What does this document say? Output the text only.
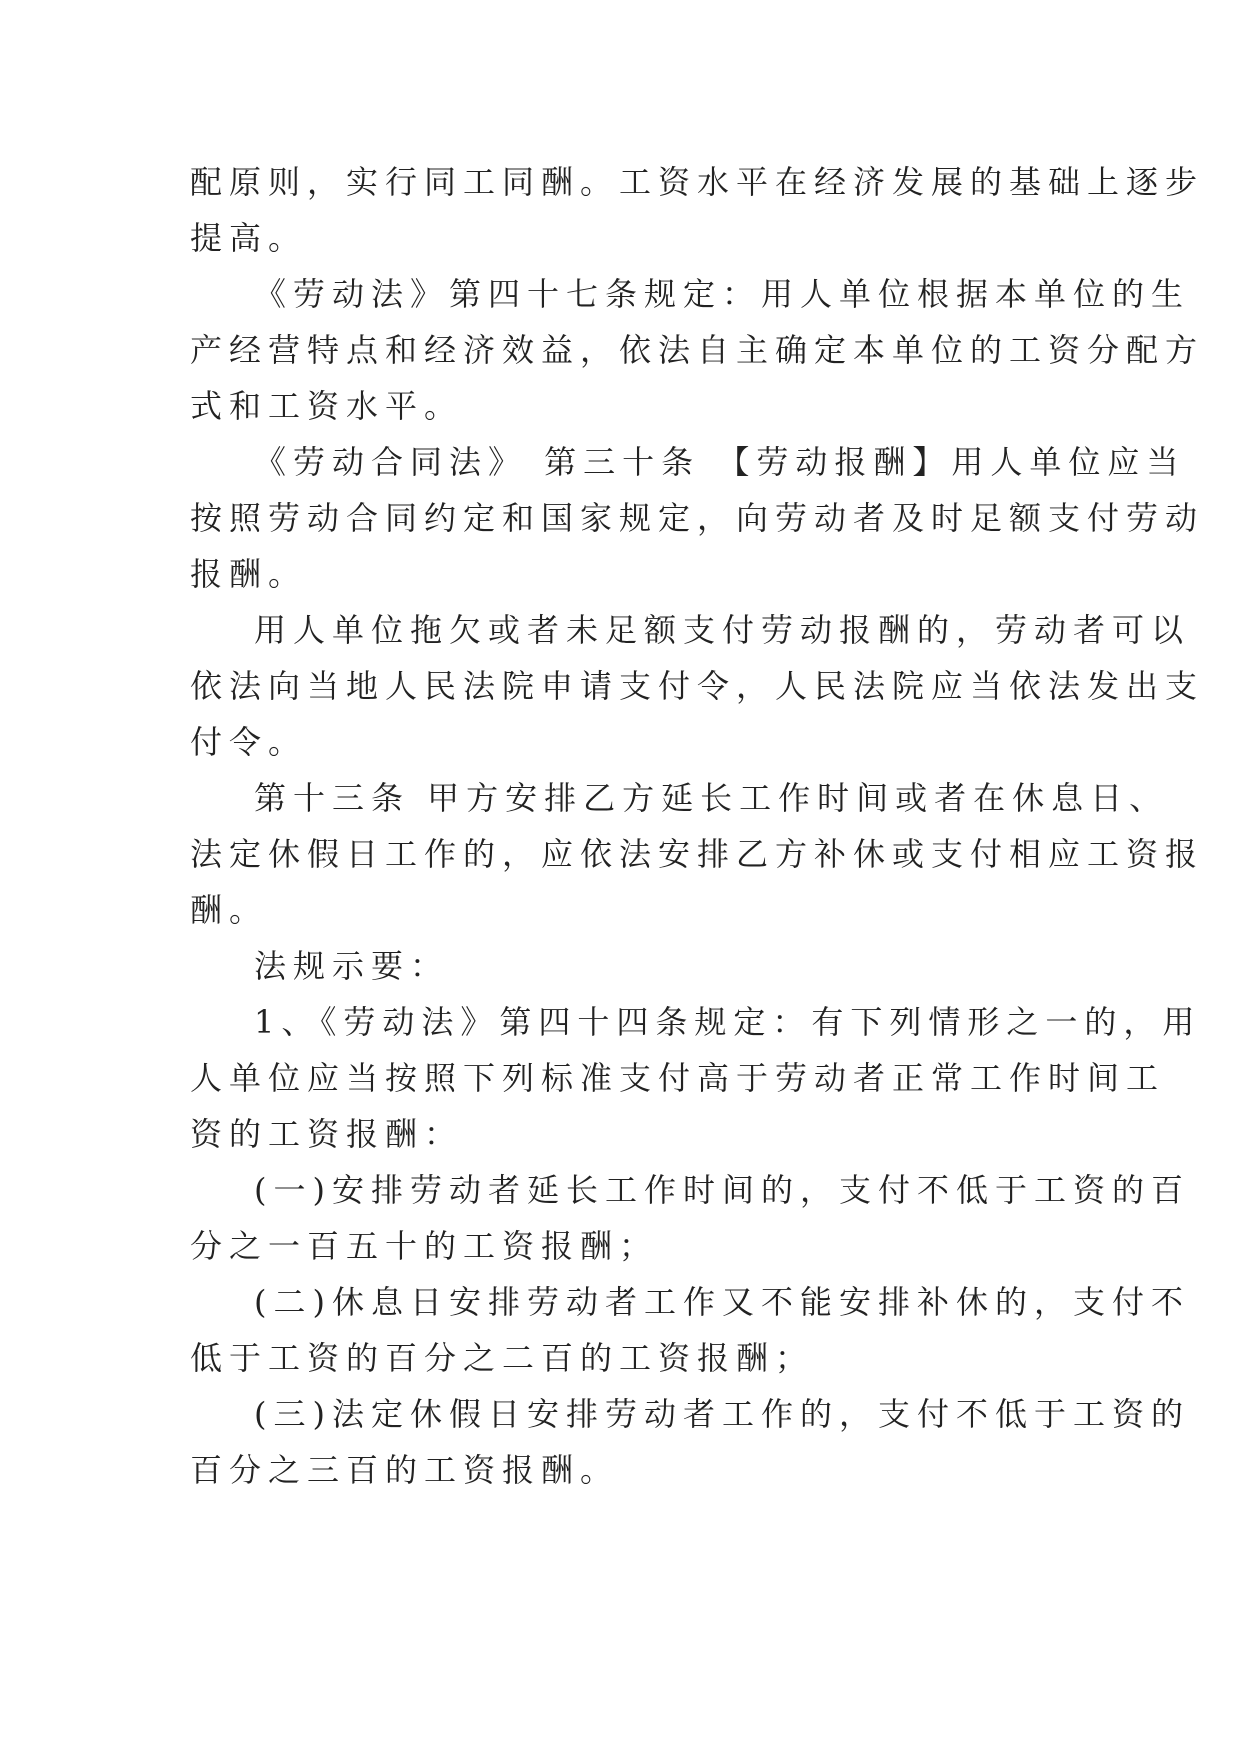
配原则，实行同工同酬。工资水平在经济发展的基础上逐步
提高。

《劳动法》第四十七条规定：用人单位根据本单位的生
产经营特点和经济效益，依法自主确定本单位的工资分配方
式和工资水平。

《劳动合同法》 第三十条 【劳动报酬】用人单位应当
按照劳动合同约定和国家规定，向劳动者及时足额支付劳动
报酬。

用人单位拖欠或者未足额支付劳动报酬的，劳动者可以
依法向当地人民法院申请支付令，人民法院应当依法发出支
付令。

第十三条 甲方安排乙方延长工作时间或者在休息日、
法定休假日工作的，应依法安排乙方补休或支付相应工资报
酬。

法规示要：

1、《劳动法》第四十四条规定：有下列情形之一的，用
人单位应当按照下列标准支付高于劳动者正常工作时间工
资的工资报酬：

(一)安排劳动者延长工作时间的，支付不低于工资的百
分之一百五十的工资报酬；

(二)休息日安排劳动者工作又不能安排补休的，支付不
低于工资的百分之二百的工资报酬；

(三)法定休假日安排劳动者工作的，支付不低于工资的
百分之三百的工资报酬。
